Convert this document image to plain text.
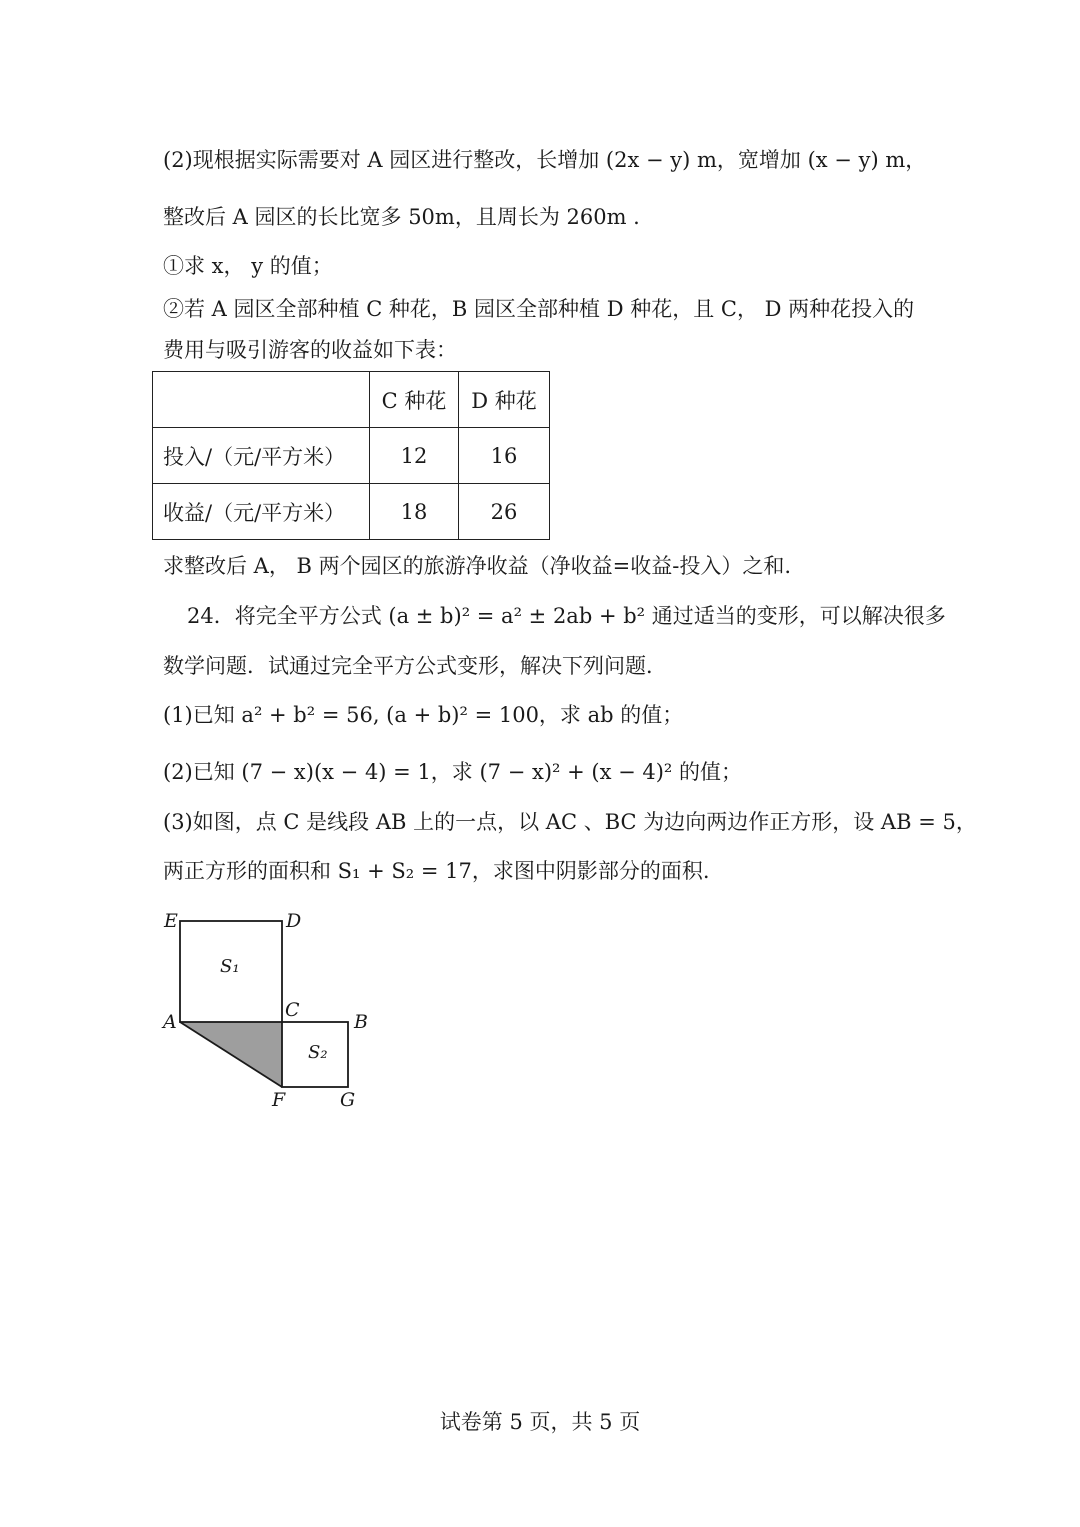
(2)现根据实际需要对 A 园区进行整改，长增加 (2x − y) m，宽增加 (x − y) m，
整改后 A 园区的长比宽多 50m，且周长为 260m .
①求 x， y 的值；
②若 A 园区全部种植 C 种花，B 园区全部种植 D 种花，且 C， D 两种花投入的
费用与吸引游客的收益如下表：
	C 种花	D 种花
投入/（元/平方米）	12	16
收益/（元/平方米）	18	26
求整改后 A， B 两个园区的旅游净收益（净收益=收益-投入）之和.
24．将完全平方公式 (a ± b)² = a² ± 2ab + b² 通过适当的变形，可以解决很多
数学问题．试通过完全平方公式变形，解决下列问题．
(1)已知 a² + b² = 56, (a + b)² = 100，求 ab 的值；
(2)已知 (7 − x)(x − 4) = 1，求 (7 − x)² + (x − 4)² 的值；
(3)如图，点 C 是线段 AB 上的一点，以 AC 、BC 为边向两边作正方形，设 AB = 5，
两正方形的面积和 S₁ + S₂ = 17，求图中阴影部分的面积.
E	D
A
C
B
F	G
S₁
S₂
试卷第 5 页，共 5 页
